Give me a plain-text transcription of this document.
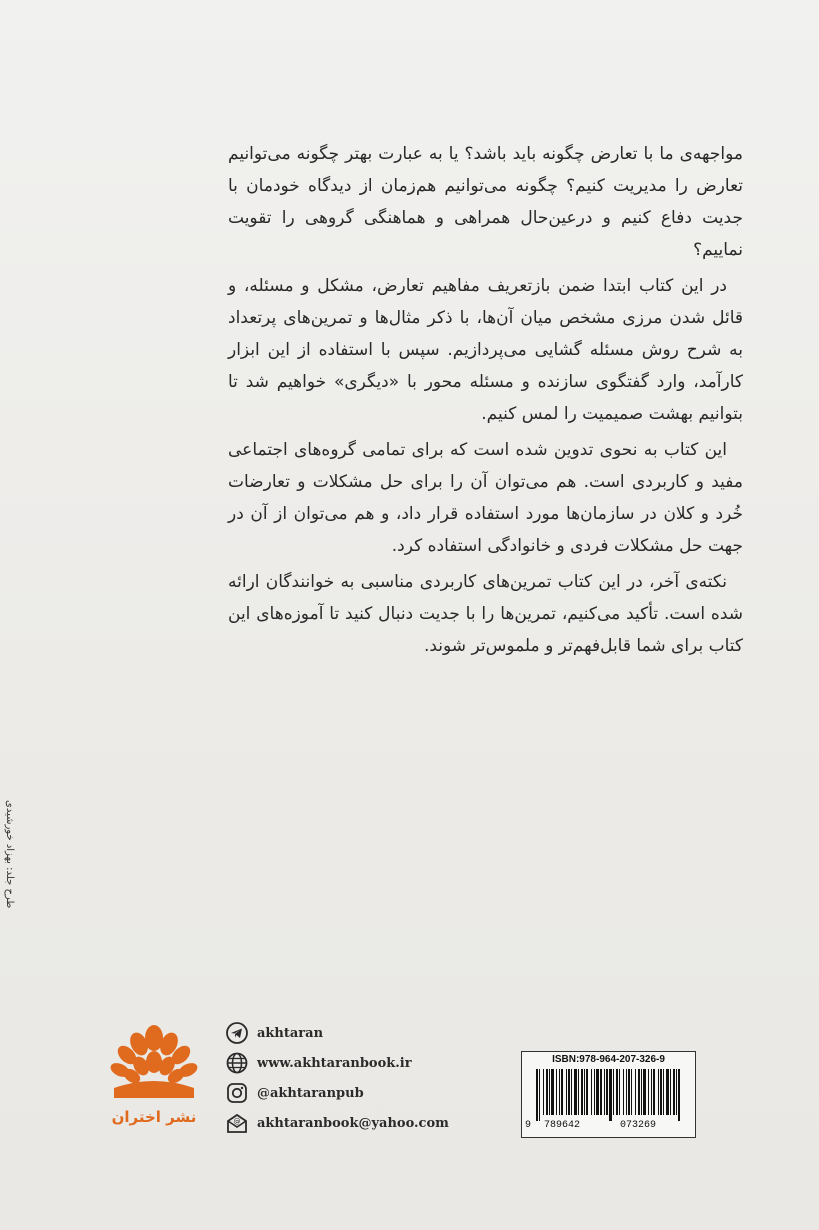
مواجهه‌ی ما با تعارض چگونه باید باشد؟ یا به عبارت بهتر چگونه می‌توانیم تعارض را مدیریت کنیم؟ چگونه می‌توانیم هم‌زمان از دیدگاه خودمان با جدیت دفاع کنیم و درعین‌حال همراهی و هماهنگی گروهی را تقویت نماییم؟

در این کتاب ابتدا ضمن بازتعریف مفاهیم تعارض، مشکل و مسئله، و قائل شدن مرزی مشخص میان آن‌ها، با ذکر مثال‌ها و تمرین‌های پرتعداد به شرح روش مسئله گشایی می‌پردازیم. سپس با استفاده از این ابزار کارآمد، وارد گفتگوی سازنده و مسئله محور با «دیگری» خواهیم شد تا بتوانیم بهشت صمیمیت را لمس کنیم.

این کتاب به نحوی تدوین شده است که برای تمامی گروه‌های اجتماعی مفید و کاربردی است. هم می‌توان آن را برای حل مشکلات و تعارضات خُرد و کلان در سازمان‌ها مورد استفاده قرار داد، و هم می‌توان از آن در جهت حل مشکلات فردی و خانوادگی استفاده کرد.

نکته‌ی آخر، در این کتاب تمرین‌های کاربردی مناسبی به خوانندگان ارائه شده است. تأکید می‌کنیم، تمرین‌ها را با جدیت دنبال کنید تا آموزه‌های این کتاب برای شما قابل‌فهم‌تر و ملموس‌تر شوند.

طرح جلد: بهزاد خورشیدی
نشر اختران
akhtaran
www.akhtaranbook.ir
@akhtaranpub
@ akhtaranbook@yahoo.com
ISBN:978-964-207-326-9
9 789642	073269
